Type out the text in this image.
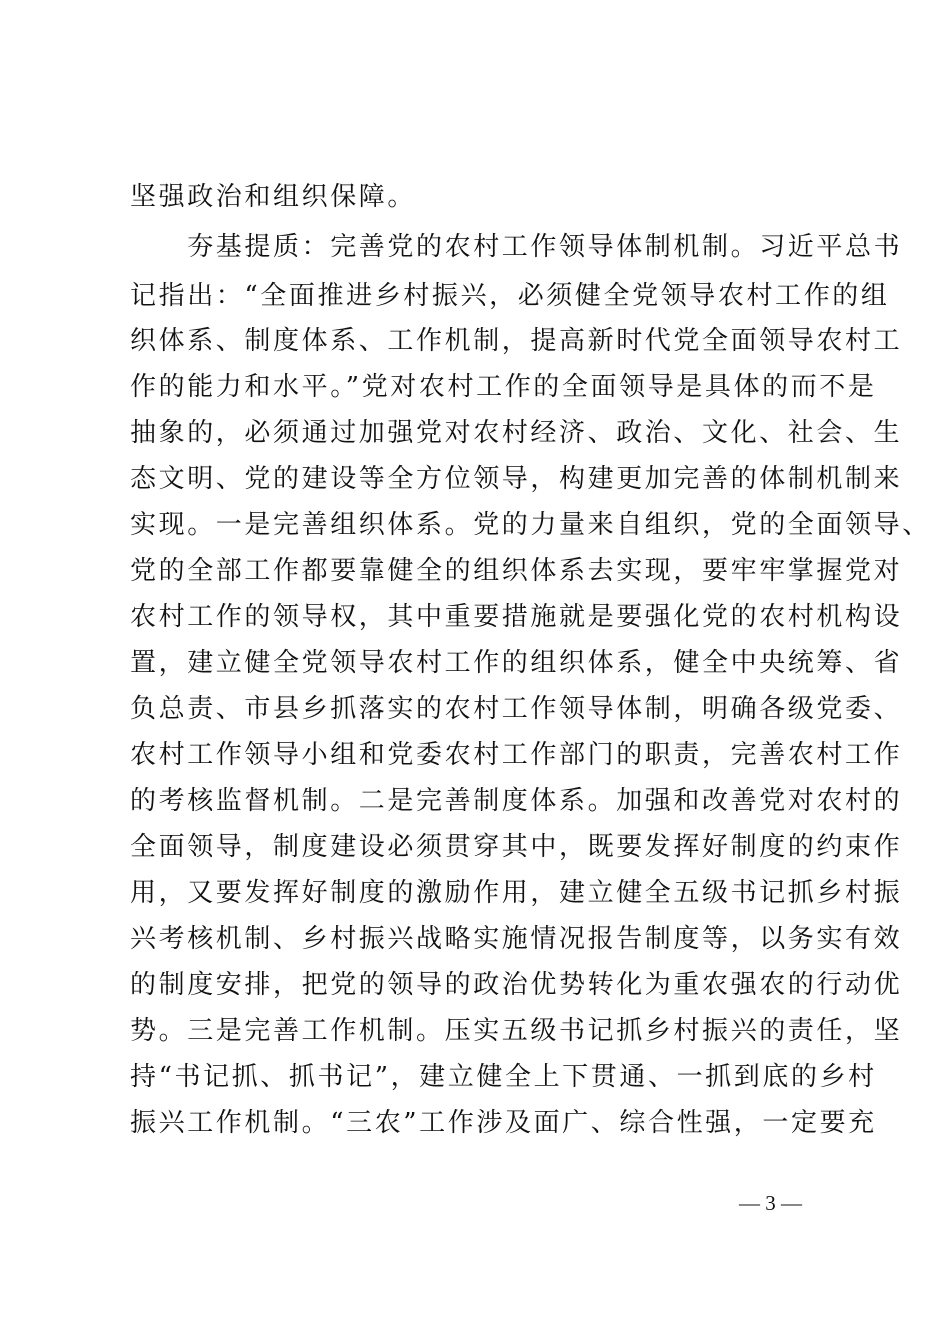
坚强政治和组织保障。
　　夯基提质：完善党的农村工作领导体制机制。习近平总书
记指出：“全面推进乡村振兴，必须健全党领导农村工作的组
织体系、制度体系、工作机制，提高新时代党全面领导农村工
作的能力和水平。”党对农村工作的全面领导是具体的而不是
抽象的，必须通过加强党对农村经济、政治、文化、社会、生
态文明、党的建设等全方位领导，构建更加完善的体制机制来
实现。一是完善组织体系。党的力量来自组织，党的全面领导、
党的全部工作都要靠健全的组织体系去实现，要牢牢掌握党对
农村工作的领导权，其中重要措施就是要强化党的农村机构设
置，建立健全党领导农村工作的组织体系，健全中央统筹、省
负总责、市县乡抓落实的农村工作领导体制，明确各级党委、
农村工作领导小组和党委农村工作部门的职责，完善农村工作
的考核监督机制。二是完善制度体系。加强和改善党对农村的
全面领导，制度建设必须贯穿其中，既要发挥好制度的约束作
用，又要发挥好制度的激励作用，建立健全五级书记抓乡村振
兴考核机制、乡村振兴战略实施情况报告制度等，以务实有效
的制度安排，把党的领导的政治优势转化为重农强农的行动优
势。三是完善工作机制。压实五级书记抓乡村振兴的责任，坚
持“书记抓、抓书记”，建立健全上下贯通、一抓到底的乡村
振兴工作机制。“三农”工作涉及面广、综合性强，一定要充
— 3 —
